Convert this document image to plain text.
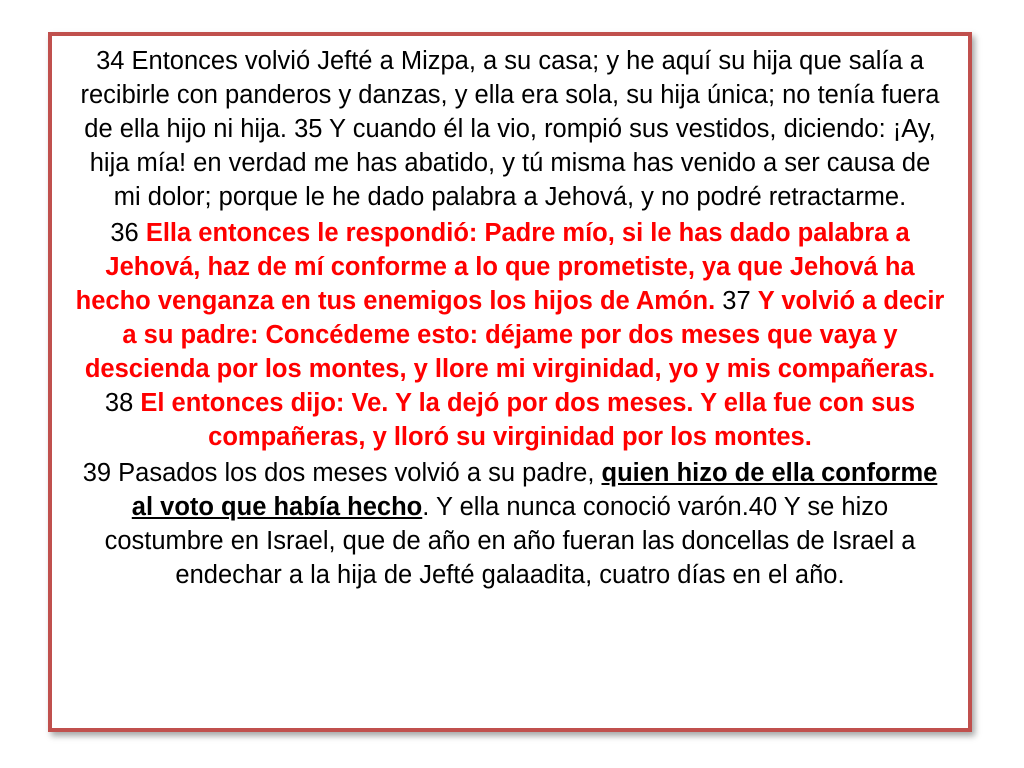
34 Entonces volvió Jefté a Mizpa, a su casa; y he aquí su hija que salía a recibirle con panderos y danzas, y ella era sola, su hija única; no tenía fuera de ella hijo ni hija. 35 Y cuando él la vio, rompió sus vestidos, diciendo: ¡Ay, hija mía! en verdad me has abatido, y tú misma has venido a ser causa de mi dolor; porque le he dado palabra a Jehová, y no podré retractarme.

36 Ella entonces le respondió: Padre mío, si le has dado palabra a Jehová, haz de mí conforme a lo que prometiste, ya que Jehová ha hecho venganza en tus enemigos los hijos de Amón. 37 Y volvió a decir a su padre: Concédeme esto: déjame por dos meses que vaya y descienda por los montes, y llore mi virginidad, yo y mis compañeras. 38 El entonces dijo: Ve. Y la dejó por dos meses. Y ella fue con sus compañeras, y lloró su virginidad por los montes.

39 Pasados los dos meses volvió a su padre, quien hizo de ella conforme al voto que había hecho. Y ella nunca conoció varón.40 Y se hizo costumbre en Israel, que de año en año fueran las doncellas de Israel a endechar a la hija de Jefté galaadita, cuatro días en el año.
